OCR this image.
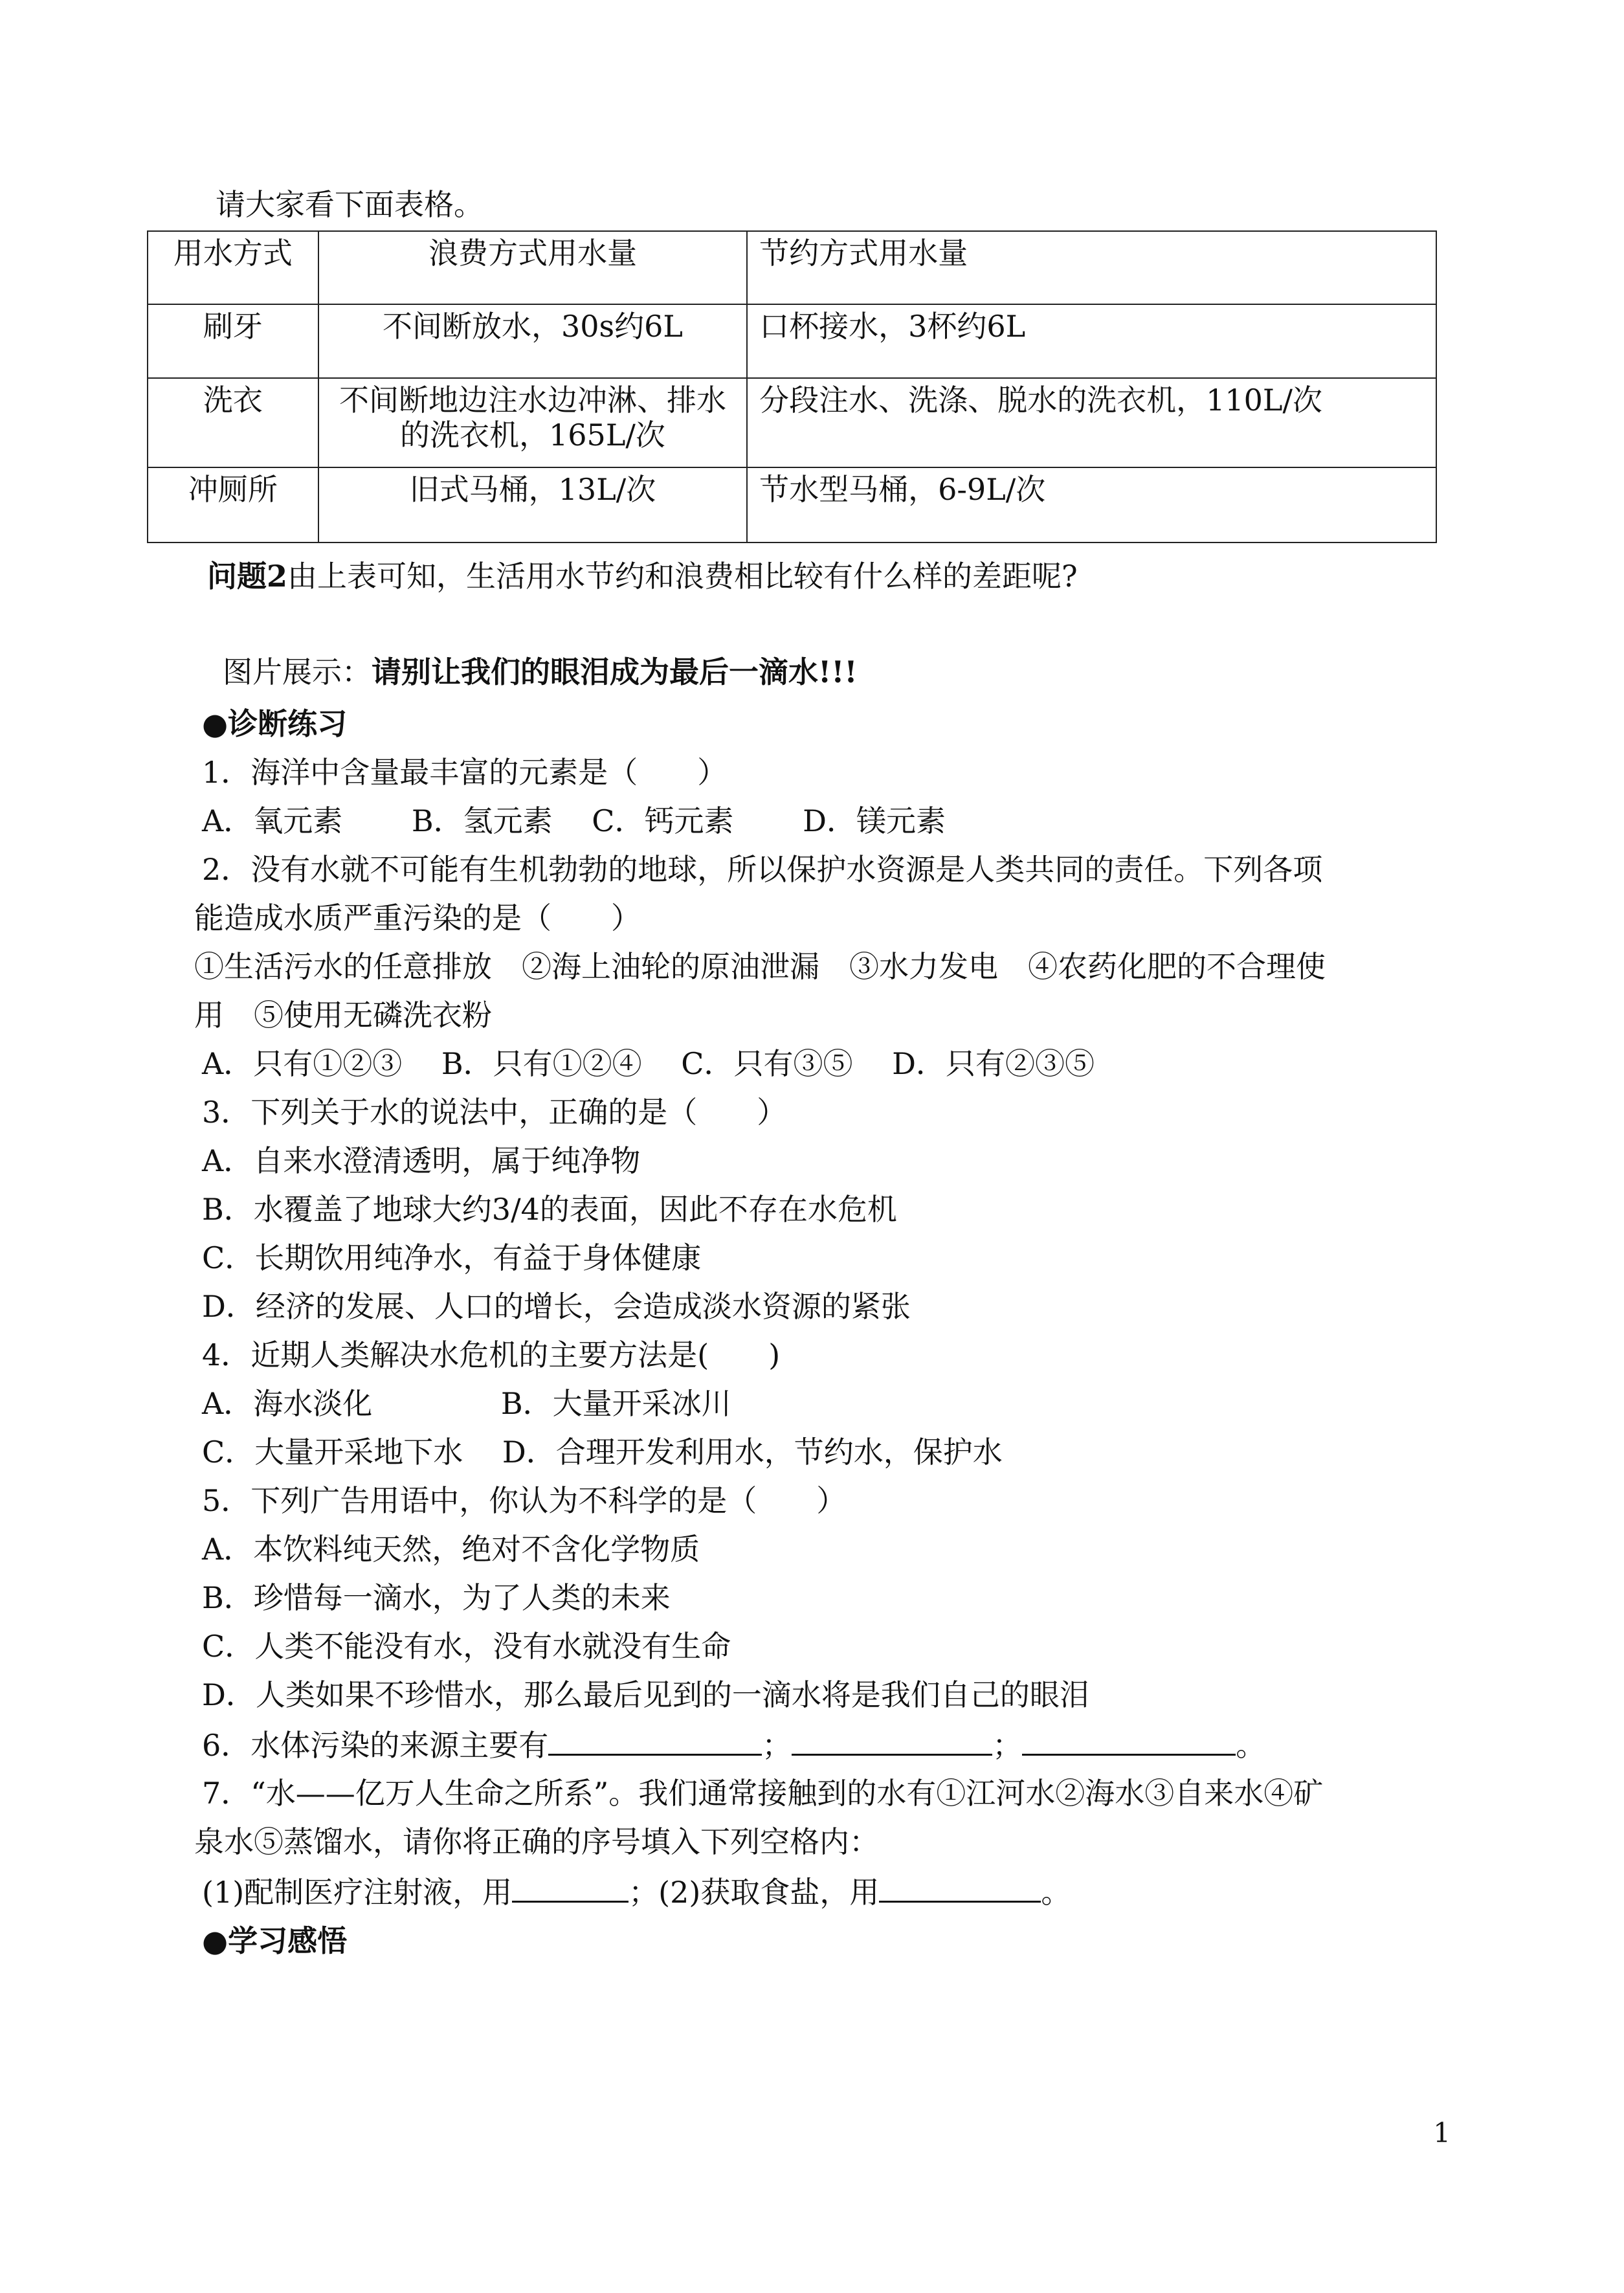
请大家看下面表格。
用水方式	浪费方式用水量	节约方式用水量
刷牙	不间断放水，30s约6L	口杯接水，3杯约6L
洗衣	不间断地边注水边冲淋、排水的洗衣机，165L/次	分段注水、洗涤、脱水的洗衣机，110L/次
冲厕所	旧式马桶，13L/次	节水型马桶，6-9L/次
问题2由上表可知，生活用水节约和浪费相比较有什么样的差距呢?
图片展示：请别让我们的眼泪成为最后一滴水!!!
●诊断练习
1．海洋中含量最丰富的元素是（　　）
A．氧元素　　 B．氢元素　 C．钙元素　　 D．镁元素
2．没有水就不可能有生机勃勃的地球，所以保护水资源是人类共同的责任。下列各项
能造成水质严重污染的是（　　）
①生活污水的任意排放　②海上油轮的原油泄漏　③水力发电　④农药化肥的不合理使
用　⑤使用无磷洗衣粉
A．只有①②③　 B．只有①②④　 C．只有③⑤　 D．只有②③⑤
3．下列关于水的说法中，正确的是（　　）
A．自来水澄清透明，属于纯净物
B．水覆盖了地球大约3/4的表面，因此不存在水危机
C．长期饮用纯净水，有益于身体健康
D．经济的发展、人口的增长，会造成淡水资源的紧张
4．近期人类解决水危机的主要方法是(　　)
A．海水淡化　　　　 B．大量开采冰川
C．大量开采地下水　 D．合理开发利用水，节约水，保护水
5．下列广告用语中，你认为不科学的是（　　）
A．本饮料纯天然，绝对不含化学物质
B．珍惜每一滴水，为了人类的未来
C．人类不能没有水，没有水就没有生命
D．人类如果不珍惜水，那么最后见到的一滴水将是我们自己的眼泪
6．水体污染的来源主要有	；	；	。
7．“水——亿万人生命之所系”。我们通常接触到的水有①江河水②海水③自来水④矿
泉水⑤蒸馏水，请你将正确的序号填入下列空格内：
(1)配制医疗注射液，用	；(2)获取食盐，用	。
●学习感悟
1
